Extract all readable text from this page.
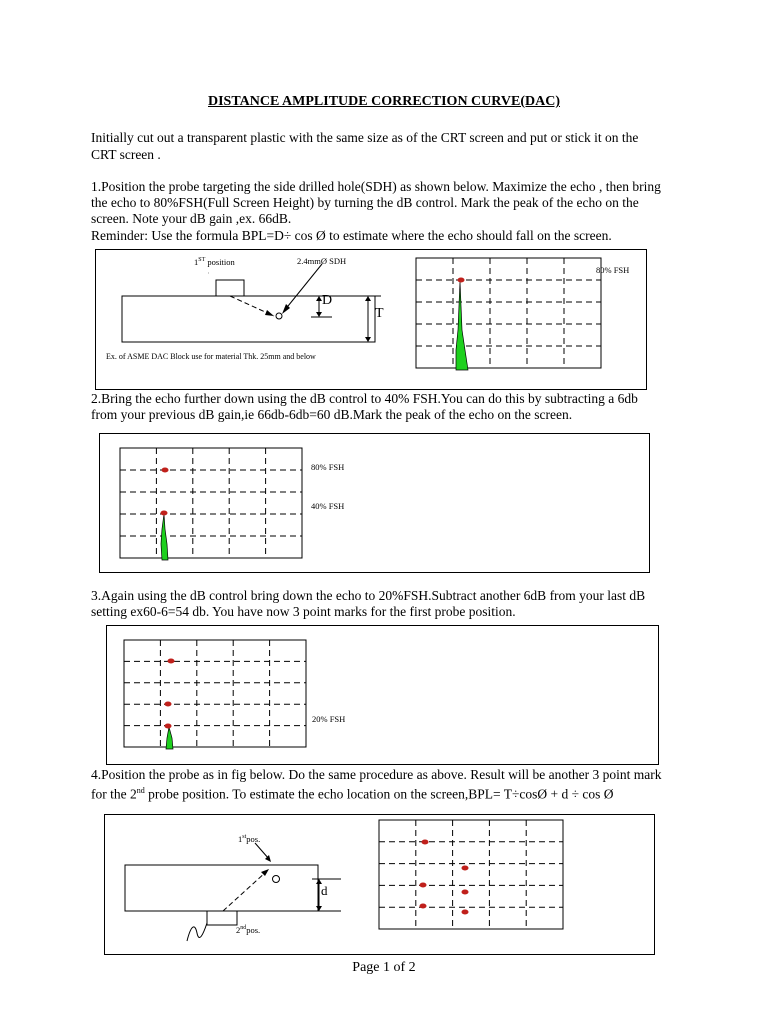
DISTANCE AMPLITUDE CORRECTION CURVE(DAC)
Initially cut out a transparent plastic with the same size as of the CRT screen and put or stick it on the
CRT screen .
1.Position the probe targeting the side drilled hole(SDH) as shown below. Maximize the echo , then bring
the echo to 80%FSH(Full Screen Height) by turning the dB control. Mark the peak of the echo on the
screen. Note your dB gain ,ex. 66dB.
Reminder: Use the formula BPL=D÷ cos Ø to estimate where the echo should fall on the screen.
'
1ST position	2.4mmØ SDH
D
T
Ex. of ASME DAC Block use for material Thk. 25mm and below
80% FSH
2.Bring the echo further down using the dB control to 40% FSH.You can do this by subtracting a 6db
from your previous dB gain,ie 66db-6db=60 dB.Mark the peak of the echo on the screen.
80% FSH
40% FSH
3.Again using the dB control bring down the echo to 20%FSH.Subtract another 6dB from your last dB
setting ex60-6=54 db. You have now 3 point marks for the first probe position.
20% FSH
4.Position the probe as in fig below. Do the same procedure as above. Result will be another 3 point mark
for the 2nd probe position. To estimate the echo location on the screen,BPL= T÷cosØ + d ÷ cos Ø
1stpos.
2ndpos.
d
Page 1 of 2
